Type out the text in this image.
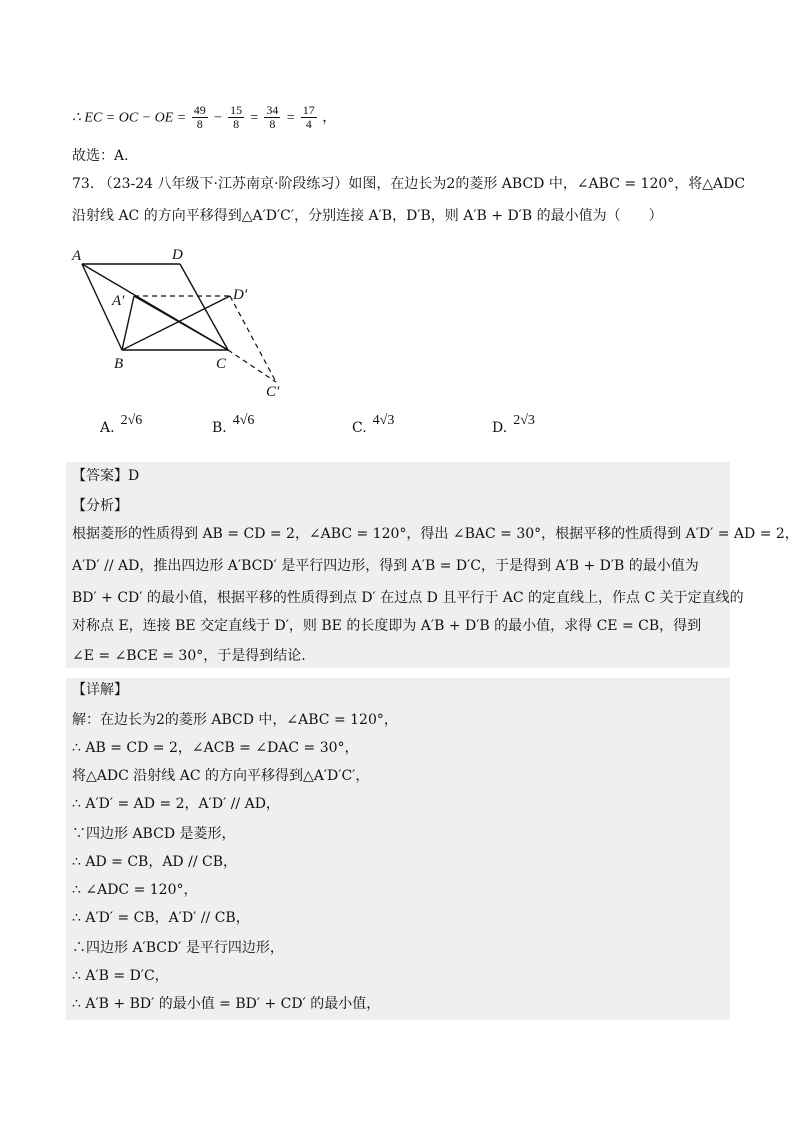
∴ EC = OC − OE = $\frac{49}{8} - \frac{15}{8} = \frac{34}{8} = \frac{17}{4}$ ，
故选：A.
73. （23-24 八年级下·江苏南京·阶段练习）如图，在边长为2的菱形 ABCD 中，∠ABC = 120°，将△ADC
沿射线 AC 的方向平移得到△A′D′C′，分别连接 A′B，D′B，则 A′B + D′B 的最小值为（　　）
A	D
A′	D′
B	C
C′
A. 2√6	B. 4√6	C. 4√3	D. 2√3
【答案】D
【分析】
根据菱形的性质得到 AB = CD = 2，∠ABC = 120°，得出 ∠BAC = 30°，根据平移的性质得到 A′D′ = AD = 2，
A′D′ // AD，推出四边形 A′BCD′ 是平行四边形，得到 A′B = D′C，于是得到 A′B + D′B 的最小值为
BD′ + CD′ 的最小值，根据平移的性质得到点 D′ 在过点 D 且平行于 AC 的定直线上，作点 C 关于定直线的
对称点 E，连接 BE 交定直线于 D′，则 BE 的长度即为 A′B + D′B 的最小值，求得 CE = CB，得到
∠E = ∠BCE = 30°，于是得到结论.
【详解】
解：在边长为2的菱形 ABCD 中，∠ABC = 120°，
∴ AB = CD = 2，∠ACB = ∠DAC = 30°，
将△ADC 沿射线 AC 的方向平移得到△A′D′C′，
∴ A′D′ = AD = 2，A′D′ // AD，
∵四边形 ABCD 是菱形，
∴ AD = CB，AD // CB，
∴ ∠ADC = 120°，
∴ A′D′ = CB，A′D′ // CB，
∴四边形 A′BCD′ 是平行四边形，
∴ A′B = D′C，
∴ A′B + BD′ 的最小值 = BD′ + CD′ 的最小值，
